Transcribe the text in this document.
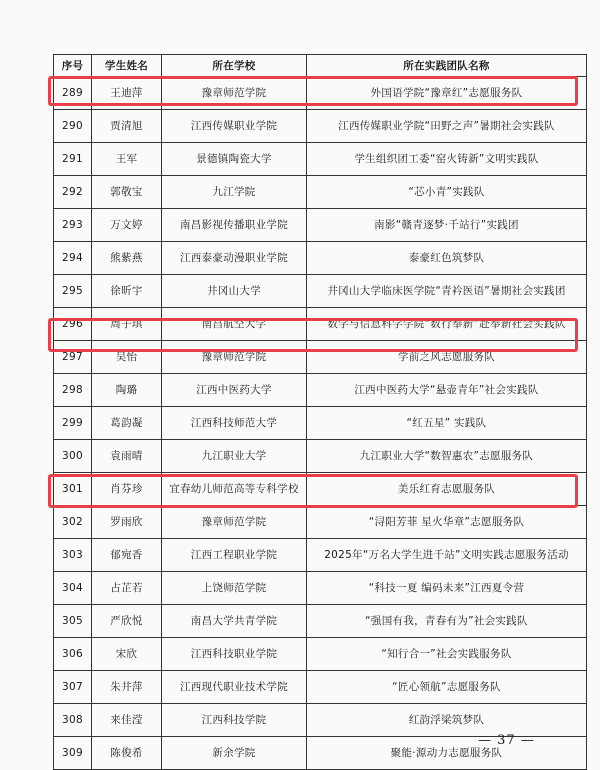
序号	学生姓名	所在学校	所在实践团队名称
289	王迪萍	豫章师范学院	外国语学院“豫章红”志愿服务队
290	贾清旭	江西传媒职业学院	江西传媒职业学院“田野之声”暑期社会实践队
291	王军	景德镇陶瓷大学	学生组织团工委“窑火铸新”文明实践队
292	郭敬宝	九江学院	“芯小青”实践队
293	万文婷	南昌影视传播职业学院	南影“赣青逐梦·千站行”实践团
294	熊紫燕	江西泰豪动漫职业学院	泰豪红色筑梦队
295	徐昕宇	井冈山大学	井冈山大学临床医学院“青衿医语”暑期社会实践团
296	周子琪	南昌航空大学	数学与信息科学学院“数行奉新”赴奉新社会实践队
297	吴怡	豫章师范学院	学前之风志愿服务队
298	陶璐	江西中医药大学	江西中医药大学“悬壶青年”社会实践队
299	葛韵凝	江西科技师范大学	“红五星” 实践队
300	袁雨晴	九江职业大学	九江职业大学“数智惠农”志愿服务队
301	肖芬珍	宜春幼儿师范高等专科学校	美乐红育志愿服务队
302	罗雨欣	豫章师范学院	“浔阳芳菲 星火华章”志愿服务队
303	郁宛香	江西工程职业学院	2025年“万名大学生进千站”文明实践志愿服务活动
304	占芷若	上饶师范学院	“科技一夏 编码未来”江西夏令营
305	严欣悦	南昌大学共青学院	“强国有我，青春有为”社会实践队
306	宋欣	江西科技职业学院	“知行合一”社会实践服务队
307	朱井萍	江西现代职业技术学院	“匠心领航”志愿服务队
308	来佳滢	江西科技学院	红韵浮梁筑梦队
309	陈俊希	新余学院	聚能·源动力志愿服务队
— 37 —
